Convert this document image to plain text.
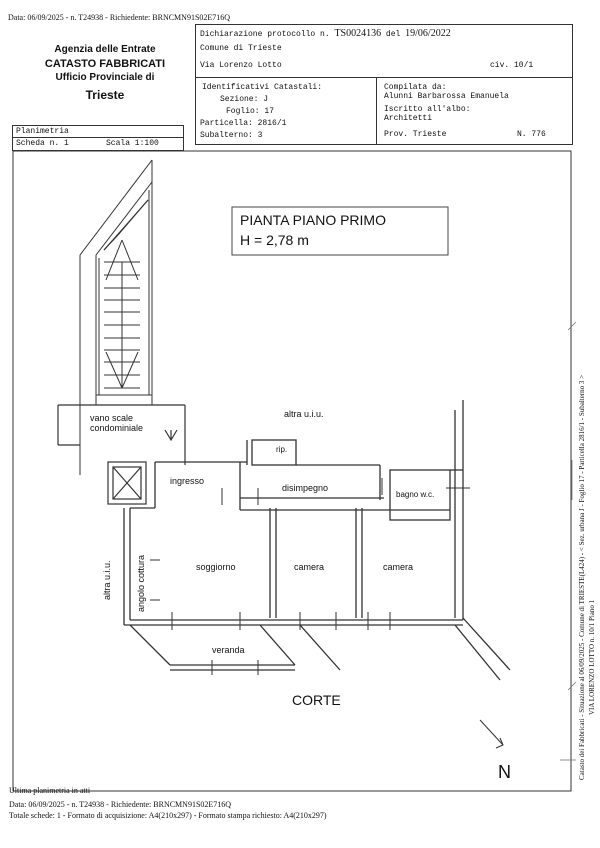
Data: 06/09/2025 - n. T24938 - Richiedente: BRNCMN91S02E716Q
Agenzia delle Entrate
CATASTO FABBRICATI
Ufficio Provinciale di
Trieste
Dichiarazione protocollo n. TS0024136 del 19/06/2022
Comune di Trieste
Via Lorenzo Lotto	civ. 10/1
Identificativi Catastali:
Sezione: J
Foglio: 17
Particella: 2816/1
Subalterno: 3
Compilata da:
Alunni Barbarossa Emanuela
Iscritto all'albo:
Architetti
Prov. Trieste	N. 776
Planimetria
Scheda n. 1	Scala 1:100
PIANTA PIANO PRIMO
H = 2,78 m
vano scale
condominiale
altra u.i.u.
rip.
ingresso
disimpegno
bagno w.c.
soggiorno	camera	camera
veranda
CORTE
N
altra u.i.u.	angolo cottura	Catasto dei Fabbricati - Situazione al 06/09/2025 - Comune di TRIESTE(L424) - < Sez. urbana J - Foglio 17 - Particella 2816/1 - Subalterno 3 > VIA LORENZO LOTTO n. 10/1 Piano 1
Ultima planimetria in atti
Data: 06/09/2025 - n. T24938 - Richiedente: BRNCMN91S02E716Q
Totale schede: 1 - Formato di acquisizione: A4(210x297) - Formato stampa richiesto: A4(210x297)
